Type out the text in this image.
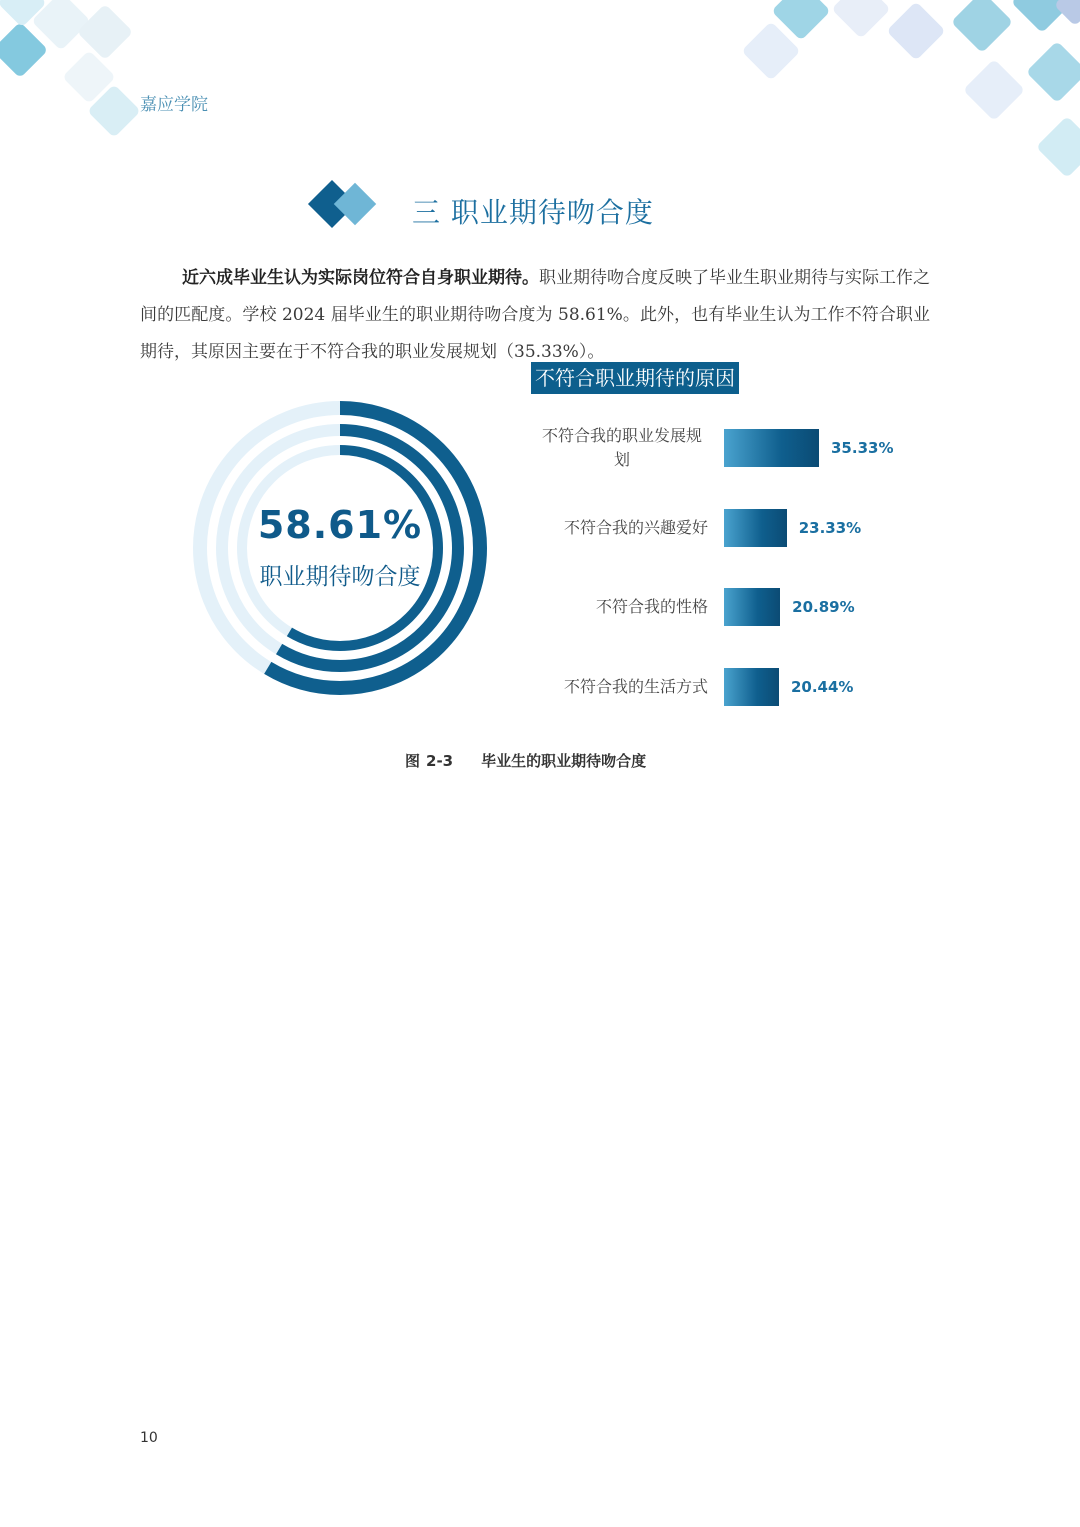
嘉应学院
三 职业期待吻合度

近六成毕业生认为实际岗位符合自身职业期待。职业期待吻合度反映了毕业生职业期待与实际工作之间的匹配度。学校 2024 届毕业生的职业期待吻合度为 58.61%。此外，也有毕业生认为工作不符合职业期待，其原因主要在于不符合我的职业发展规划（35.33%）。

58.61%
职业期待吻合度
不符合职业期待的原因
不符合我的职业发展规划
35.33%
不符合我的兴趣爱好	23.33%
不符合我的性格	20.89%
不符合我的生活方式	20.44%
图 2-3 毕业生的职业期待吻合度
10
